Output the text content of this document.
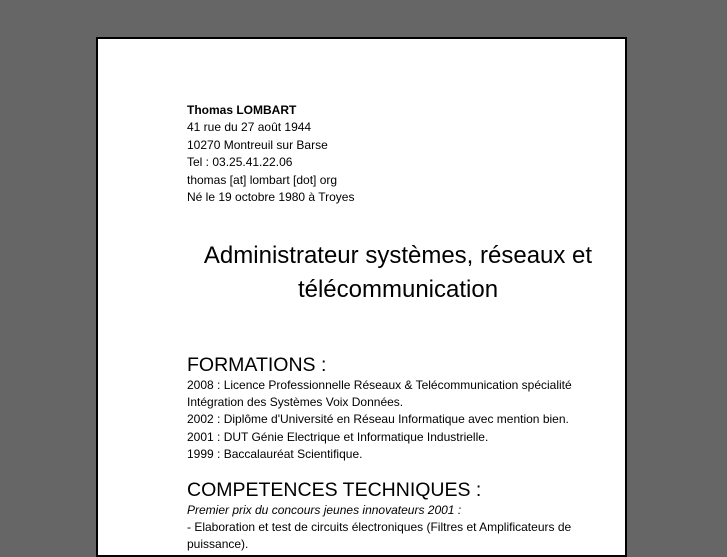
Thomas LOMBART
41 rue du 27 août 1944
10270 Montreuil sur Barse
Tel : 03.25.41.22.06
thomas [at] lombart [dot] org
Né le 19 octobre 1980 à Troyes
Administrateur systèmes, réseaux et
télécommunication
FORMATIONS :
2008 : Licence Professionnelle Réseaux & Telécommunication spécialité
Intégration des Systèmes Voix Données.
2002 : Diplôme d'Université en Réseau Informatique avec mention bien.
2001 : DUT Génie Electrique et Informatique Industrielle.
1999 : Baccalauréat Scientifique.
COMPETENCES TECHNIQUES :
Premier prix du concours jeunes innovateurs 2001 :
- Elaboration et test de circuits électroniques (Filtres et Amplificateurs de puissance).
